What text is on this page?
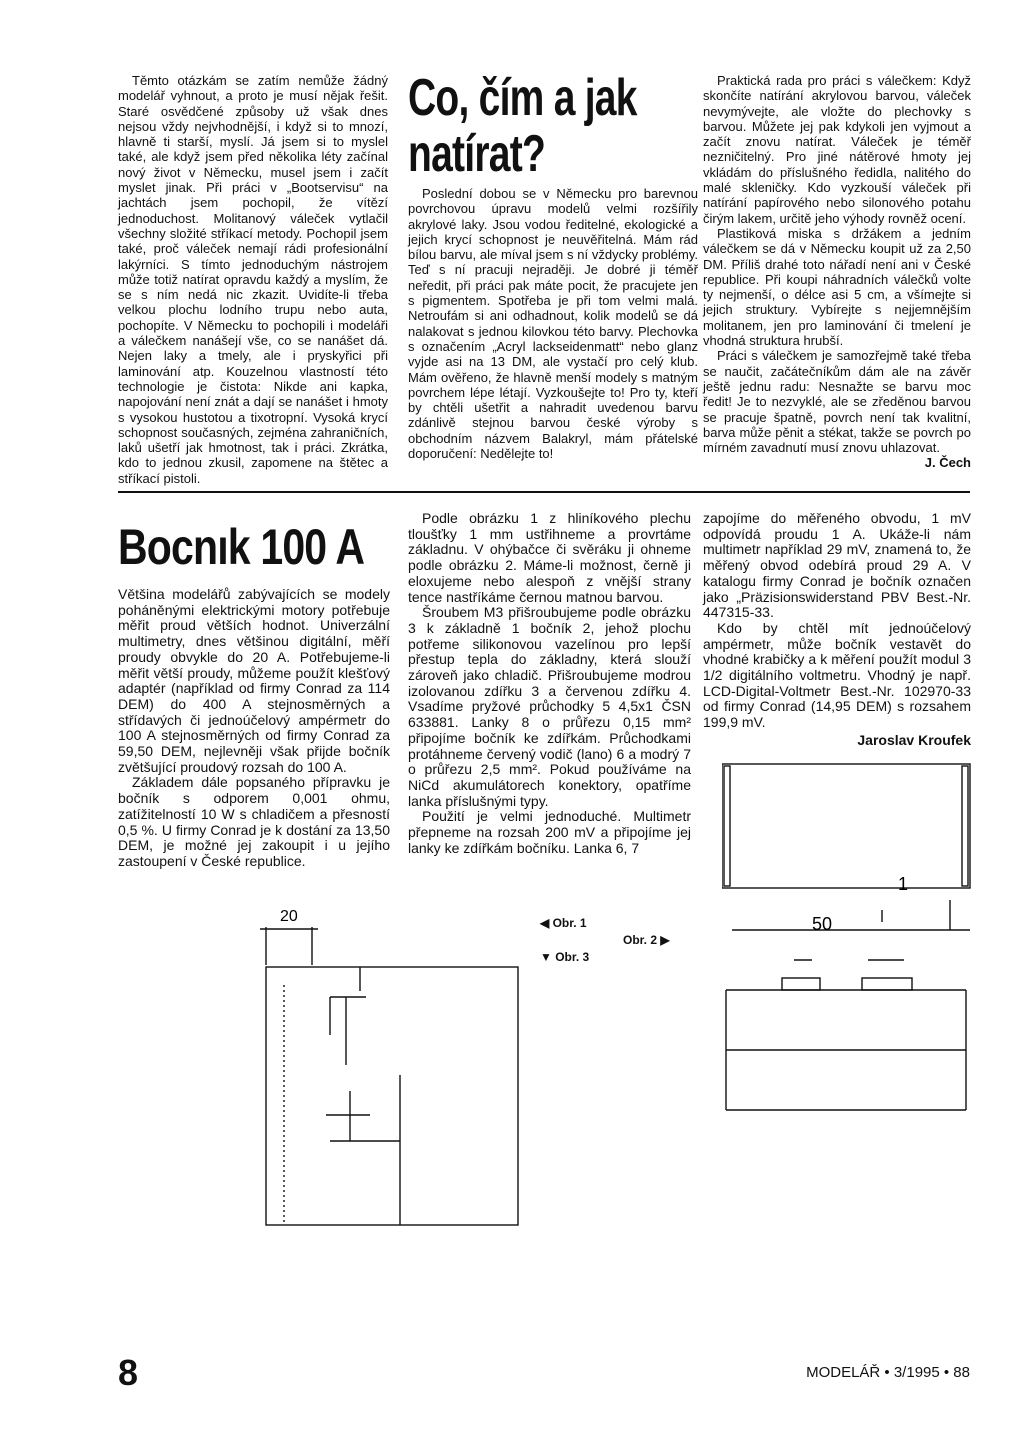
Těmto otázkám se zatím nemůže žádný modelář vyhnout, a proto je musí nějak řešit. Staré osvědčené způsoby už však dnes nejsou vždy nejvhodnější, i když si to mnozí, hlavně ti starší, myslí. Já jsem si to myslel také, ale když jsem před několika léty začínal nový život v Německu, musel jsem i začít myslet jinak. Při práci v „Bootservisu“ na jachtách jsem pochopil, že vítězí jednoduchost. Molitanový váleček vytlačil všechny složité stříkací metody. Pochopil jsem také, proč váleček nemají rádi profesionální lakýrníci. S tímto jednoduchým nástrojem může totiž natírat opravdu každý a myslím, že se s ním nedá nic zkazit. Uvidíte-li třeba velkou plochu lodního trupu nebo auta, pochopíte. V Německu to pochopili i modeláři a válečkem nanášejí vše, co se nanášet dá. Nejen laky a tmely, ale i pryskyřici při laminování atp. Kouzelnou vlastností této technologie je čistota: Nikde ani kapka, napojování není znát a dají se nanášet i hmoty s vysokou hustotou a tixotropní. Vysoká krycí schopnost současných, zejména zahraničních, laků ušetří jak hmotnost, tak i práci. Zkrátka, kdo to jednou zkusil, zapomene na štětec a stříkací pistoli.

Co, čím a jak natírat?

Poslední dobou se v Německu pro barevnou povrchovou úpravu modelů velmi rozšířily akrylové laky. Jsou vodou ředitelné, ekologické a jejich krycí schopnost je neuvěřitelná. Mám rád bílou barvu, ale míval jsem s ní vždycky problémy. Teď s ní pracuji nejraději. Je dobré ji téměř neředit, při práci pak máte pocit, že pracujete jen s pigmentem. Spotřeba je při tom velmi malá. Netroufám si ani odhadnout, kolik modelů se dá nalakovat s jednou kilovkou této barvy. Plechovka s označením „Acryl lackseidenmatt“ nebo glanz vyjde asi na 13 DM, ale vystačí pro celý klub. Mám ověřeno, že hlavně menší modely s matným povrchem lépe létají. Vyzkoušejte to! Pro ty, kteří by chtěli ušetřit a nahradit uvedenou barvu zdánlivě stejnou barvou české výroby s obchodním názvem Balakryl, mám přátelské doporučení: Nedělejte to!

Praktická rada pro práci s válečkem: Když skončíte natírání akrylovou barvou, váleček nevymývejte, ale vložte do plechovky s barvou. Můžete jej pak kdykoli jen vyjmout a začít znovu natírat. Váleček je téměř nezničitelný. Pro jiné nátěrové hmoty jej vkládám do příslušného ředidla, nalitého do malé skleničky. Kdo vyzkouší váleček při natírání papírového nebo silonového potahu čirým lakem, určitě jeho výhody rovněž ocení.

Plastiková miska s držákem a jedním válečkem se dá v Německu koupit už za 2,50 DM. Příliš drahé toto nářadí není ani v České republice. Při koupi náhradních válečků volte ty nejmenší, o délce asi 5 cm, a všímejte si jejich struktury. Vybírejte s nejjemnějším molitanem, jen pro laminování či tmelení je vhodná struktura hrubší.

Práci s válečkem je samozřejmě také třeba se naučit, začátečníkům dám ale na závěr ještě jednu radu: Nesnažte se barvu moc ředit! Je to nezvyklé, ale se zředěnou barvou se pracuje špatně, povrch není tak kvalitní, barva může pěnit a stékat, takže se povrch po mírném zavadnutí musí znovu uhlazovat.

J. Čech

Bocnık 100 A

Většina modelářů zabývajících se modely poháněnými elektrickými motory potřebuje měřit proud větších hodnot. Univerzální multimetry, dnes většinou digitální, měří proudy obvykle do 20 A. Potřebujeme-li měřit větší proudy, můžeme použít klešťový adaptér (například od firmy Conrad za 114 DEM) do 400 A stejnosměrných a střídavých či jednoúčelový ampérmetr do 100 A stejnosměrných od firmy Conrad za 59,50 DEM, nejlevněji však přijde bočník zvětšující proudový rozsah do 100 A.

Základem dále popsaného přípravku je bočník s odporem 0,001 ohmu, zatížitelností 10 W s chladičem a přesností 0,5 %. U firmy Conrad je k dostání za 13,50 DEM, je možné jej zakoupit i u jejího zastoupení v České republice.

Podle obrázku 1 z hliníkového plechu tloušťky 1 mm ustřihneme a provrtáme základnu. V ohýbačce či svěráku ji ohneme podle obrázku 2. Máme-li možnost, černě ji eloxujeme nebo alespoň z vnější strany tence nastříkáme černou matnou barvou.

Šroubem M3 přišroubujeme podle obrázku 3 k základně 1 bočník 2, jehož plochu potřeme silikonovou vazelínou pro lepší přestup tepla do základny, která slouží zároveň jako chladič. Přišroubujeme modrou izolovanou zdířku 3 a červenou zdířku 4. Vsadíme pryžové průchodky 5 4,5x1 ČSN 633881. Lanky 8 o průřezu 0,15 mm² připojíme bočník ke zdířkám. Průchodkami protáhneme červený vodič (lano) 6 a modrý 7 o průřezu 2,5 mm². Pokud používáme na NiCd akumulátorech konektory, opatříme lanka příslušnými typy.

Použití je velmi jednoduché. Multimetr přepneme na rozsah 200 mV a připojíme jej lanky ke zdířkám bočníku. Lanka 6, 7

zapojíme do měřeného obvodu, 1 mV odpovídá proudu 1 A. Ukáže-li nám multimetr například 29 mV, znamená to, že měřený obvod odebírá proud 29 A. V katalogu firmy Conrad je bočník označen jako „Präzisionswiderstand PBV Best.-Nr. 447315-33.

Kdo by chtěl mít jednoúčelový ampérmetr, může bočník vestavět do vhodné krabičky a k měření použít modul 3 1/2 digitálního voltmetru. Vhodný je např. LCD-Digital-Voltmetr Best.-Nr. 102970-33 od firmy Conrad (14,95 DEM) s rozsahem 199,9 mV.

Jaroslav Kroufek

◀ Obr. 1
Obr. 2 ▶
▼ Obr. 3
20	50
1
8	MODELÁŘ • 3/1995 • 88
